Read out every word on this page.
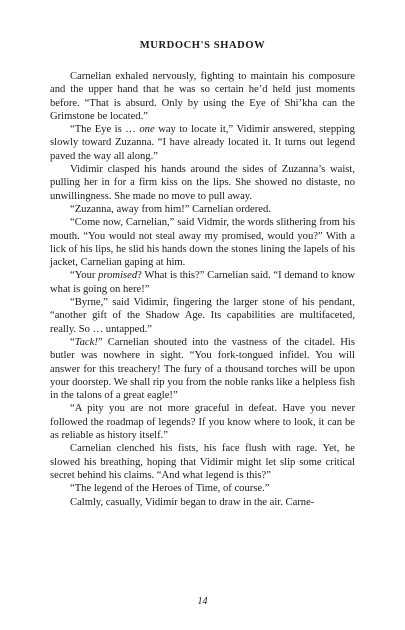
MURDOCH'S SHADOW

Carnelian exhaled nervously, fighting to maintain his composure and the upper hand that he was so certain he’d held just moments before. “That is absurd. Only by using the Eye of Shi’kha can the Grimstone be located.”

“The Eye is … one way to locate it,” Vidimir answered, stepping slowly toward Zuzanna. “I have already located it. It turns out legend paved the way all along.”

Vidimir clasped his hands around the sides of Zuzanna’s waist, pulling her in for a firm kiss on the lips. She showed no distaste, no unwillingness. She made no move to pull away.

“Zuzanna, away from him!” Carnelian ordered.

“Come now, Carnelian,” said Vidmir, the words slithering from his mouth. “You would not steal away my promised, would you?” With a lick of his lips, he slid his hands down the stones lining the lapels of his jacket, Carnelian gaping at him.

“Your promised? What is this?” Carnelian said. “I demand to know what is going on here!”

“Byrne,” said Vidimir, fingering the larger stone of his pendant, “another gift of the Shadow Age. Its capabilities are multifaceted, really. So … untapped.”

“Tack!” Carnelian shouted into the vastness of the citadel. His butler was nowhere in sight. “You fork-tongued infidel. You will answer for this treachery! The fury of a thousand torches will be upon your doorstep. We shall rip you from the noble ranks like a helpless fish in the talons of a great eagle!”

“A pity you are not more graceful in defeat. Have you never followed the roadmap of legends? If you know where to look, it can be as reliable as history itself.”

Carnelian clenched his fists, his face flush with rage. Yet, he slowed his breathing, hoping that Vidimir might let slip some critical secret behind his claims. “And what legend is this?”

“The legend of the Heroes of Time, of course.”

Calmly, casually, Vidimir began to draw in the air. Carne-

14
